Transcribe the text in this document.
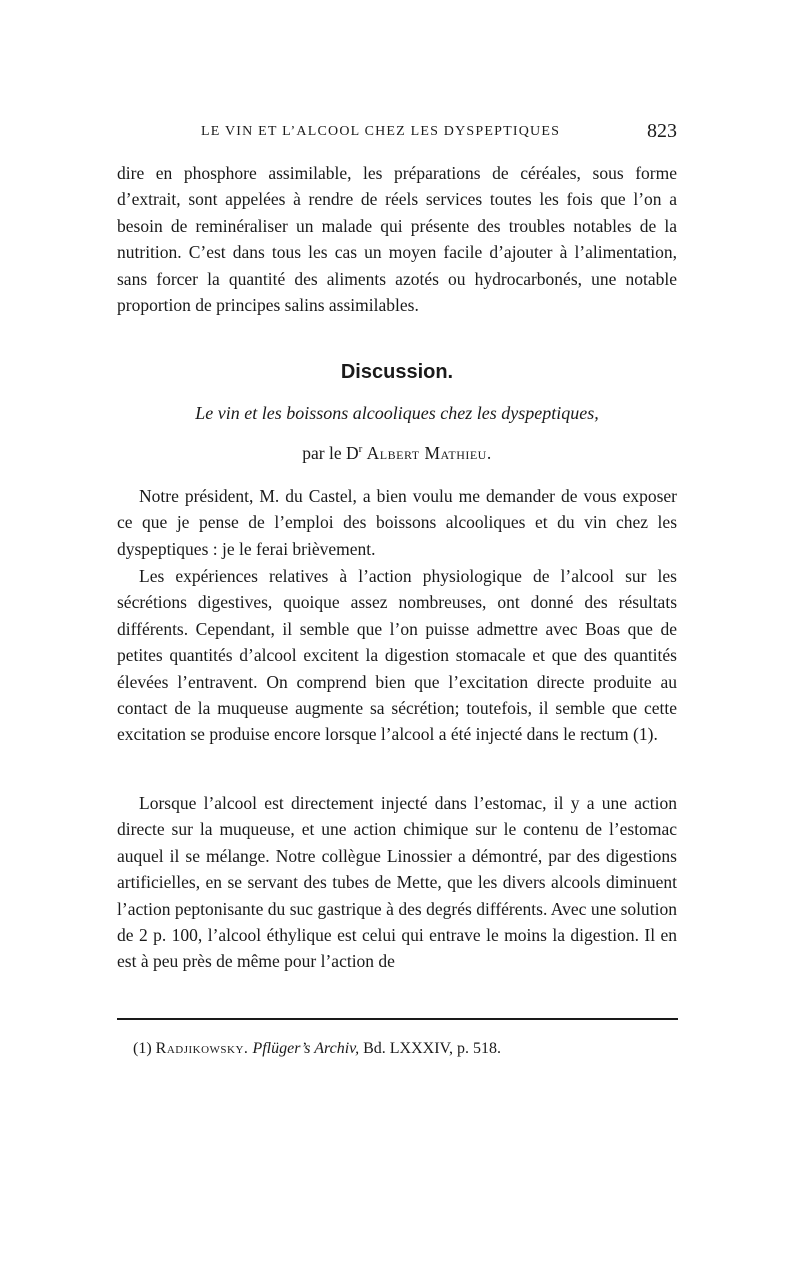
LE VIN ET L’ALCOOL CHEZ LES DYSPEPTIQUES	823

dire en phosphore assimilable, les préparations de céréales, sous forme d’extrait, sont appelées à rendre de réels services toutes les fois que l’on a besoin de reminéraliser un malade qui présente des troubles notables de la nutrition. C’est dans tous les cas un moyen facile d’ajouter à l’alimentation, sans forcer la quantité des aliments azotés ou hydrocarbonés, une notable proportion de principes salins assimilables.

Discussion.

Le vin et les boissons alcooliques chez les dyspeptiques,

par le $D^r$ Albert Mathieu.

Notre président, M. du Castel, a bien voulu me demander de vous exposer ce que je pense de l’emploi des boissons alcooliques et du vin chez les dyspeptiques : je le ferai brièvement.

Les expériences relatives à l’action physiologique de l’alcool sur les sécrétions digestives, quoique assez nombreuses, ont donné des résultats différents. Cependant, il semble que l’on puisse admettre avec Boas que de petites quantités d’alcool excitent la digestion stomacale et que des quantités élevées l’entravent. On comprend bien que l’excitation directe produite au contact de la muqueuse augmente sa sécrétion; toutefois, il semble que cette excitation se produise encore lorsque l’alcool a été injecté dans le rectum (1).

Lorsque l’alcool est directement injecté dans l’estomac, il y a une action directe sur la muqueuse, et une action chimique sur le contenu de l’estomac auquel il se mélange. Notre collègue Linossier a démontré, par des digestions artificielles, en se servant des tubes de Mette, que les divers alcools diminuent l’action peptonisante du suc gastrique à des degrés différents. Avec une solution de 2 p. 100, l’alcool éthylique est celui qui entrave le moins la digestion. Il en est à peu près de même pour l’action de

(1) Radjikowsky. Pflüger’s Archiv, Bd. LXXXIV, p. 518.
